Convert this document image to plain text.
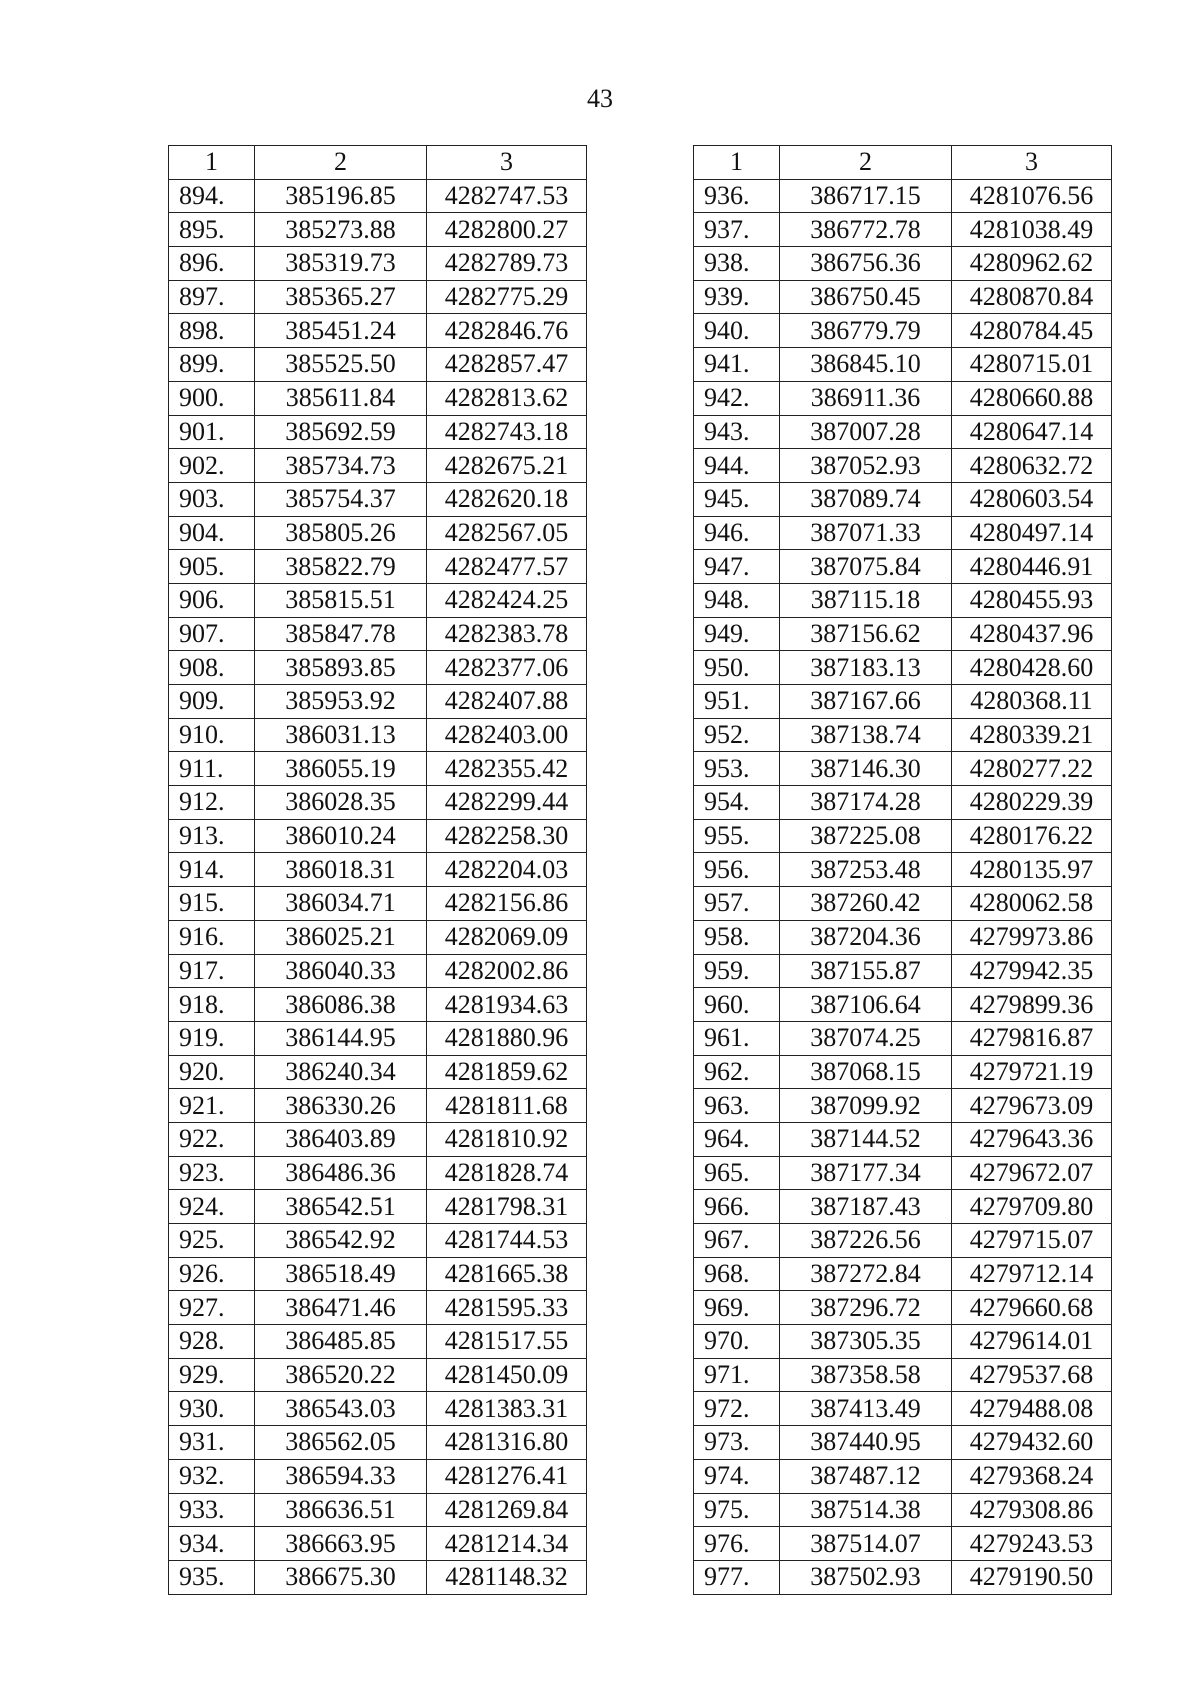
43
1	2	3
894.	385196.85	4282747.53
895.	385273.88	4282800.27
896.	385319.73	4282789.73
897.	385365.27	4282775.29
898.	385451.24	4282846.76
899.	385525.50	4282857.47
900.	385611.84	4282813.62
901.	385692.59	4282743.18
902.	385734.73	4282675.21
903.	385754.37	4282620.18
904.	385805.26	4282567.05
905.	385822.79	4282477.57
906.	385815.51	4282424.25
907.	385847.78	4282383.78
908.	385893.85	4282377.06
909.	385953.92	4282407.88
910.	386031.13	4282403.00
911.	386055.19	4282355.42
912.	386028.35	4282299.44
913.	386010.24	4282258.30
914.	386018.31	4282204.03
915.	386034.71	4282156.86
916.	386025.21	4282069.09
917.	386040.33	4282002.86
918.	386086.38	4281934.63
919.	386144.95	4281880.96
920.	386240.34	4281859.62
921.	386330.26	4281811.68
922.	386403.89	4281810.92
923.	386486.36	4281828.74
924.	386542.51	4281798.31
925.	386542.92	4281744.53
926.	386518.49	4281665.38
927.	386471.46	4281595.33
928.	386485.85	4281517.55
929.	386520.22	4281450.09
930.	386543.03	4281383.31
931.	386562.05	4281316.80
932.	386594.33	4281276.41
933.	386636.51	4281269.84
934.	386663.95	4281214.34
935.	386675.30	4281148.32
1	2	3
936.	386717.15	4281076.56
937.	386772.78	4281038.49
938.	386756.36	4280962.62
939.	386750.45	4280870.84
940.	386779.79	4280784.45
941.	386845.10	4280715.01
942.	386911.36	4280660.88
943.	387007.28	4280647.14
944.	387052.93	4280632.72
945.	387089.74	4280603.54
946.	387071.33	4280497.14
947.	387075.84	4280446.91
948.	387115.18	4280455.93
949.	387156.62	4280437.96
950.	387183.13	4280428.60
951.	387167.66	4280368.11
952.	387138.74	4280339.21
953.	387146.30	4280277.22
954.	387174.28	4280229.39
955.	387225.08	4280176.22
956.	387253.48	4280135.97
957.	387260.42	4280062.58
958.	387204.36	4279973.86
959.	387155.87	4279942.35
960.	387106.64	4279899.36
961.	387074.25	4279816.87
962.	387068.15	4279721.19
963.	387099.92	4279673.09
964.	387144.52	4279643.36
965.	387177.34	4279672.07
966.	387187.43	4279709.80
967.	387226.56	4279715.07
968.	387272.84	4279712.14
969.	387296.72	4279660.68
970.	387305.35	4279614.01
971.	387358.58	4279537.68
972.	387413.49	4279488.08
973.	387440.95	4279432.60
974.	387487.12	4279368.24
975.	387514.38	4279308.86
976.	387514.07	4279243.53
977.	387502.93	4279190.50
